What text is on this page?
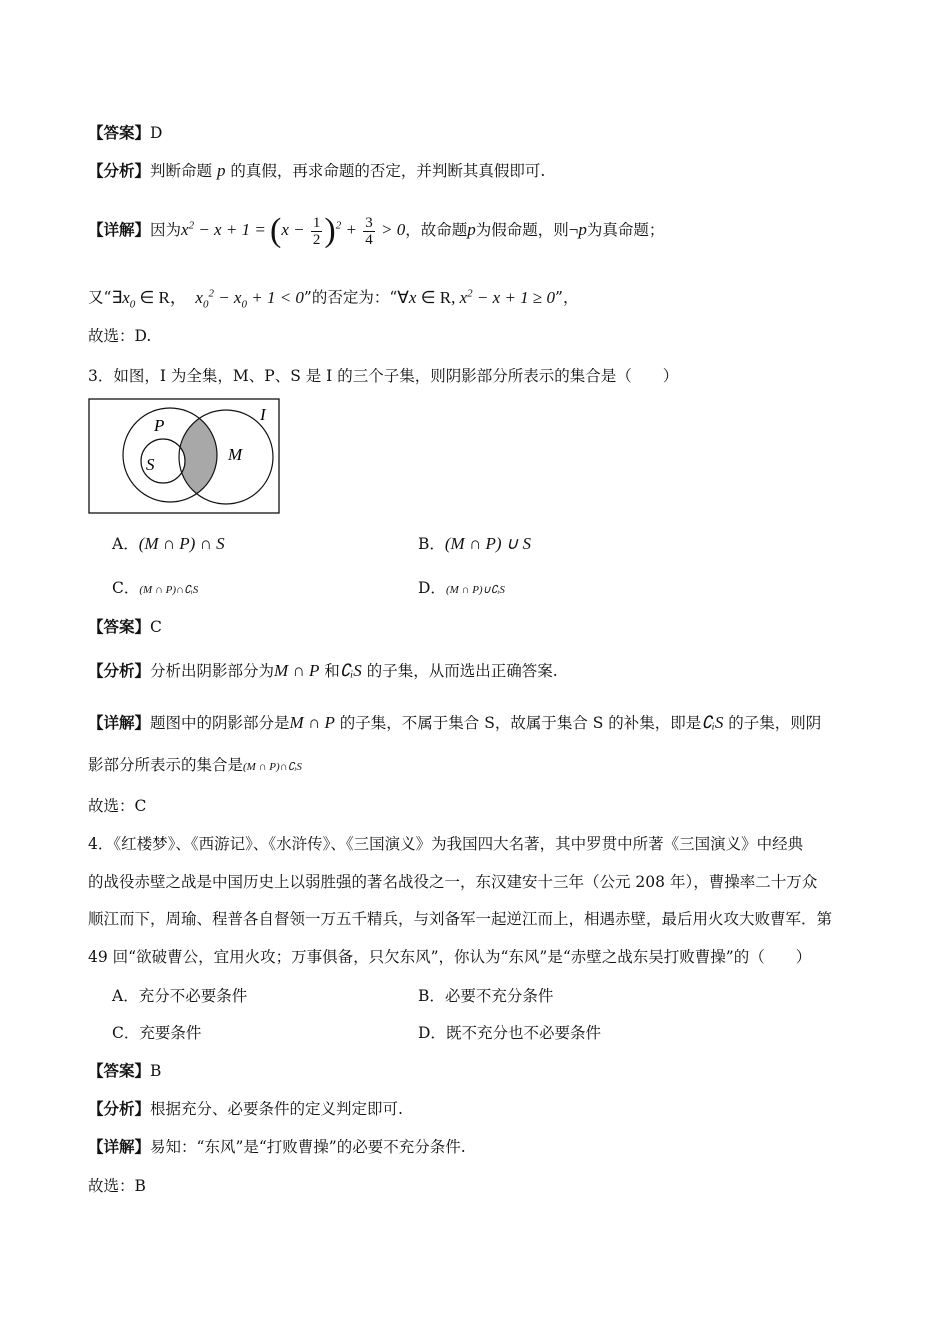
【答案】D
【分析】判断命题 p 的真假，再求命题的否定，并判断其真假即可.
【详解】因为$x^2 - x + 1 = (x - \frac{1}{2} )^2 + \frac{3}{4} > 0$，故命题p为假命题，则¬p为真命题；
又“$\exists x_0$ ∈ R，  $x_0^2 - x_0 + 1 < 0$”的否定为：“∀x ∈ R, $x^2 - x + 1 \ge 0$”，
故选：D.
3．如图，I 为全集，M、P、S 是 I 的三个子集，则阴影部分所表示的集合是（　　）
I
P
S
M
A．(M ∩ P) ∩ S	B．(M ∩ P) ∪ S
C．(M ∩ P)∩∁ᵢS	D．(M ∩ P)∪∁ᵢS
【答案】C
【分析】分析出阴影部分为M ∩ P 和∁ᵢS 的子集，从而选出正确答案.
【详解】题图中的阴影部分是M ∩ P 的子集，不属于集合 S，故属于集合 S 的补集，即是∁ᵢS 的子集，则阴
影部分所表示的集合是(M ∩ P)∩∁ᵢS
故选：C
4．《红楼梦》、《西游记》、《水浒传》、《三国演义》为我国四大名著，其中罗贯中所著《三国演义》中经典
的战役赤壁之战是中国历史上以弱胜强的著名战役之一，东汉建安十三年（公元 208 年），曹操率二十万众
顺江而下，周瑜、程普各自督领一万五千精兵，与刘备军一起逆江而上，相遇赤壁，最后用火攻大败曹军．第
49 回“欲破曹公，宜用火攻；万事俱备，只欠东风”，你认为“东风”是“赤壁之战东吴打败曹操”的（　　）
A．充分不必要条件	B．必要不充分条件
C．充要条件	D．既不充分也不必要条件
【答案】B
【分析】根据充分、必要条件的定义判定即可.
【详解】易知：“东风”是“打败曹操”的必要不充分条件.
故选：B
